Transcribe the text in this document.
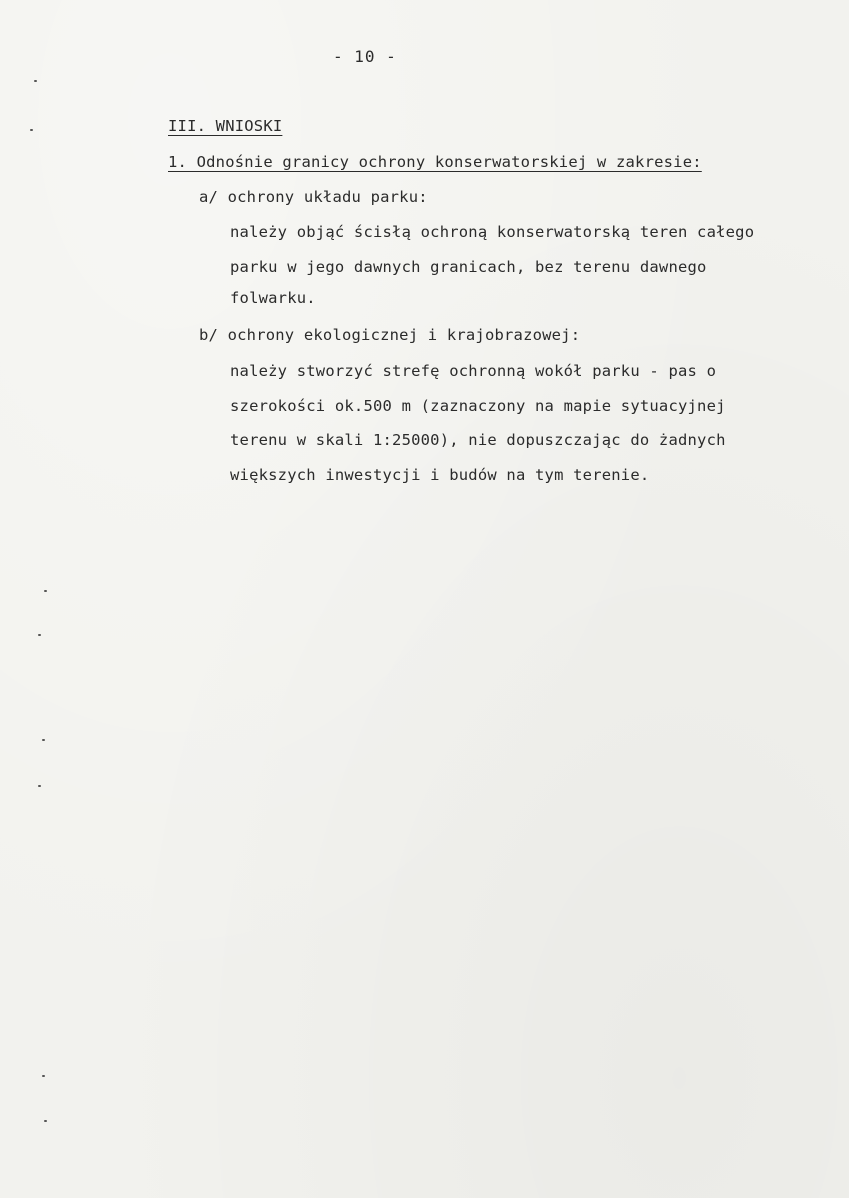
- 10 -
III. WNIOSKI
1. Odnośnie granicy ochrony konserwatorskiej w zakresie:
a/ ochrony układu parku:
należy objąć ścisłą ochroną konserwatorską teren całego
parku w jego dawnych granicach, bez terenu dawnego
folwarku.
b/ ochrony ekologicznej i krajobrazowej:
należy stworzyć strefę ochronną wokół parku - pas o
szerokości ok.500 m (zaznaczony na mapie sytuacyjnej
terenu w skali 1:25000), nie dopuszczając do żadnych
większych inwestycji i budów na tym terenie.
